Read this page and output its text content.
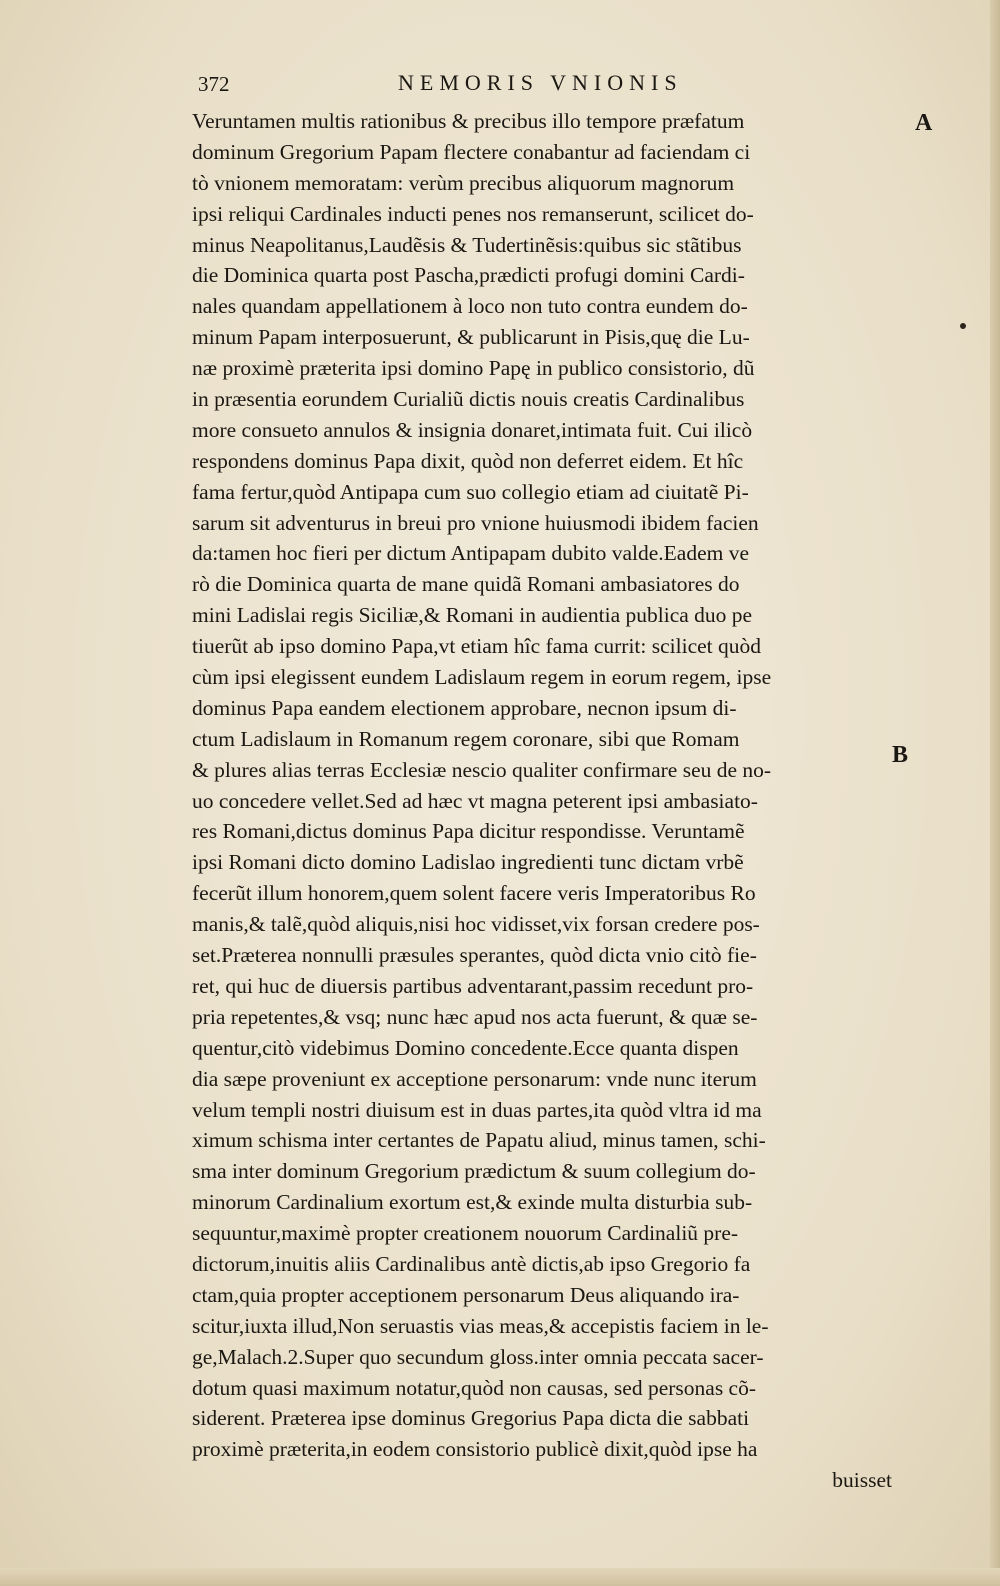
372	NEMORIS VNIONIS
A
B
Veruntamen multis rationibus & precibus illo tempore præfatum
dominum Gregorium Papam flectere conabantur ad faciendam ci
tò vnionem memoratam: verùm precibus aliquorum magnorum
ipsi reliqui Cardinales inducti penes nos remanserunt, scilicet do-
minus Neapolitanus,Laudẽsis & Tudertinẽsis:quibus sic stãtibus
die Dominica quarta post Pascha,prædicti profugi domini Cardi-
nales quandam appellationem à loco non tuto contra eundem do-
minum Papam interposuerunt, & publicarunt in Pisis,quę die Lu-
næ proximè præterita ipsi domino Papę in publico consistorio, dũ
in præsentia eorundem Curialiũ dictis nouis creatis Cardinalibus
more consueto annulos & insignia donaret,intimata fuit. Cui ilicò
respondens dominus Papa dixit, quòd non deferret eidem. Et hîc
fama fertur,quòd Antipapa cum suo collegio etiam ad ciuitatẽ Pi-
sarum sit adventurus in breui pro vnione huiusmodi ibidem facien
da:tamen hoc fieri per dictum Antipapam dubito valde.Eadem ve
rò die Dominica quarta de mane quidã Romani ambasiatores do
mini Ladislai regis Siciliæ,& Romani in audientia publica duo pe
tiuerũt ab ipso domino Papa,vt etiam hîc fama currit: scilicet quòd
cùm ipsi elegissent eundem Ladislaum regem in eorum regem, ipse
dominus Papa eandem electionem approbare, necnon ipsum di-
ctum Ladislaum in Romanum regem coronare, sibi que Romam
& plures alias terras Ecclesiæ nescio qualiter confirmare seu de no-
uo concedere vellet.Sed ad hæc vt magna peterent ipsi ambasiato-
res Romani,dictus dominus Papa dicitur respondisse. Veruntamẽ
ipsi Romani dicto domino Ladislao ingredienti tunc dictam vrbẽ
fecerũt illum honorem,quem solent facere veris Imperatoribus Ro
manis,& talẽ,quòd aliquis,nisi hoc vidisset,vix forsan credere pos-
set.Præterea nonnulli præsules sperantes, quòd dicta vnio citò fie-
ret, qui huc de diuersis partibus adventarant,passim recedunt pro-
pria repetentes,& vsq; nunc hæc apud nos acta fuerunt, & quæ se-
quentur,citò videbimus Domino concedente.Ecce quanta dispen
dia sæpe proveniunt ex acceptione personarum: vnde nunc iterum
velum templi nostri diuisum est in duas partes,ita quòd vltra id ma
ximum schisma inter certantes de Papatu aliud, minus tamen, schi-
sma inter dominum Gregorium prædictum & suum collegium do-
minorum Cardinalium exortum est,& exinde multa disturbia sub-
sequuntur,maximè propter creationem nouorum Cardinaliũ pre-
dictorum,inuitis aliis Cardinalibus antè dictis,ab ipso Gregorio fa
ctam,quia propter acceptionem personarum Deus aliquando ira-
scitur,iuxta illud,Non seruastis vias meas,& accepistis faciem in le-
ge,Malach.2.Super quo secundum gloss.inter omnia peccata sacer-
dotum quasi maximum notatur,quòd non causas, sed personas cõ-
siderent. Præterea ipse dominus Gregorius Papa dicta die sabbati
proximè præterita,in eodem consistorio publicè dixit,quòd ipse ha
buisset
